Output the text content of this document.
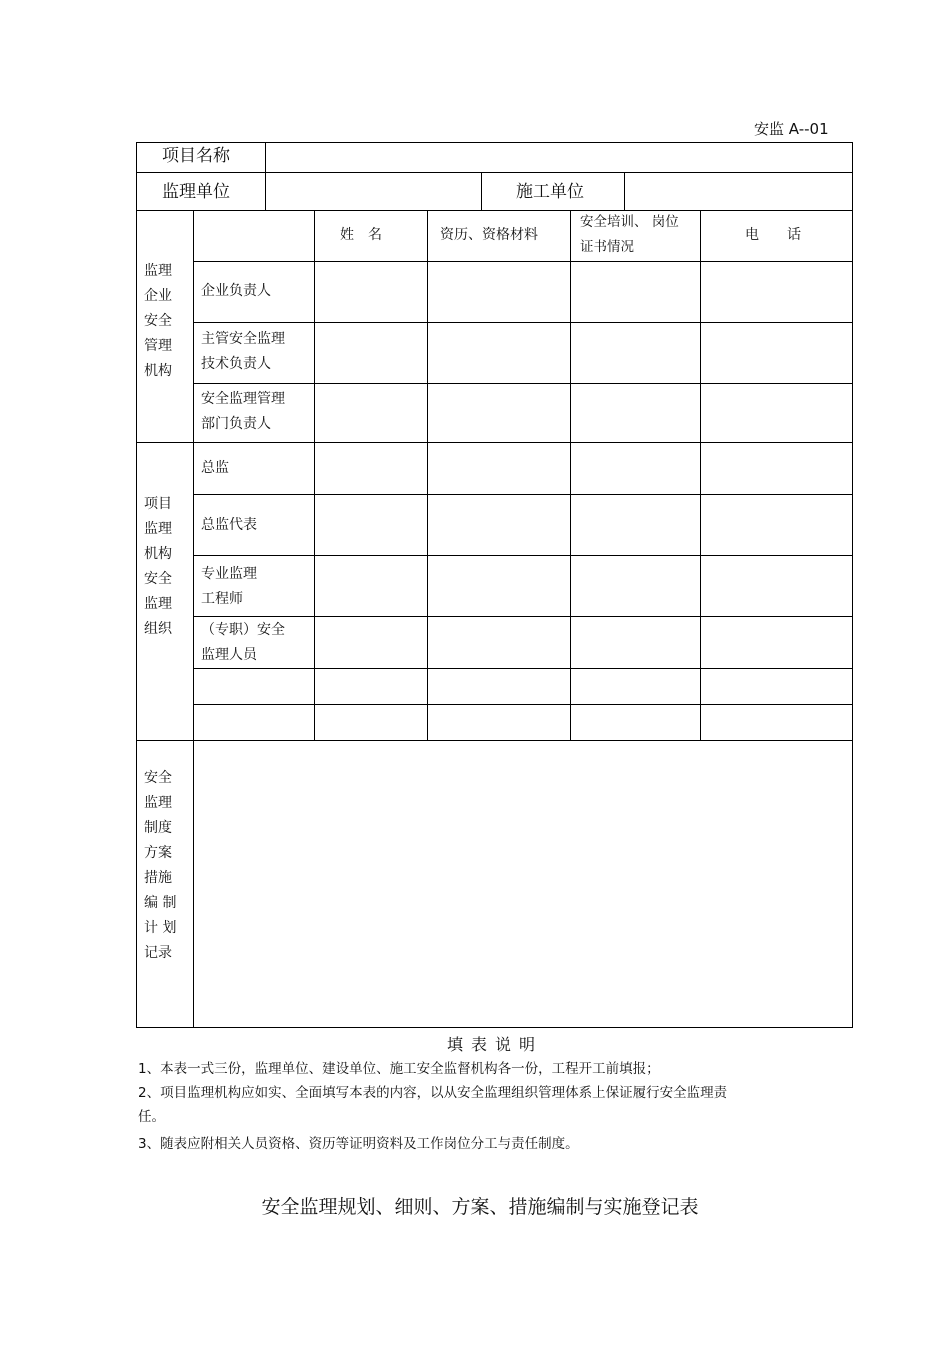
安监 A--01
项目名称
监理单位	施工单位
姓　名	资历、资格材料
安全培训、 岗位
证书情况
电　　话
监理
企业
安全
管理
机构
企业负责人
主管安全监理
技术负责人
安全监理管理
部门负责人
项目
监理
机构
安全
监理
组织
总监
总监代表
专业监理
工程师
（专职）安全
监理人员
安全
监理
制度
方案
措施
编 制
计 划
记录
填表说明
1、本表一式三份，监理单位、建设单位、施工安全监督机构各一份，工程开工前填报；
2、项目监理机构应如实、全面填写本表的内容，以从安全监理组织管理体系上保证履行安全监理责
任。
3、随表应附相关人员资格、资历等证明资料及工作岗位分工与责任制度。
安全监理规划、细则、方案、措施编制与实施登记表
